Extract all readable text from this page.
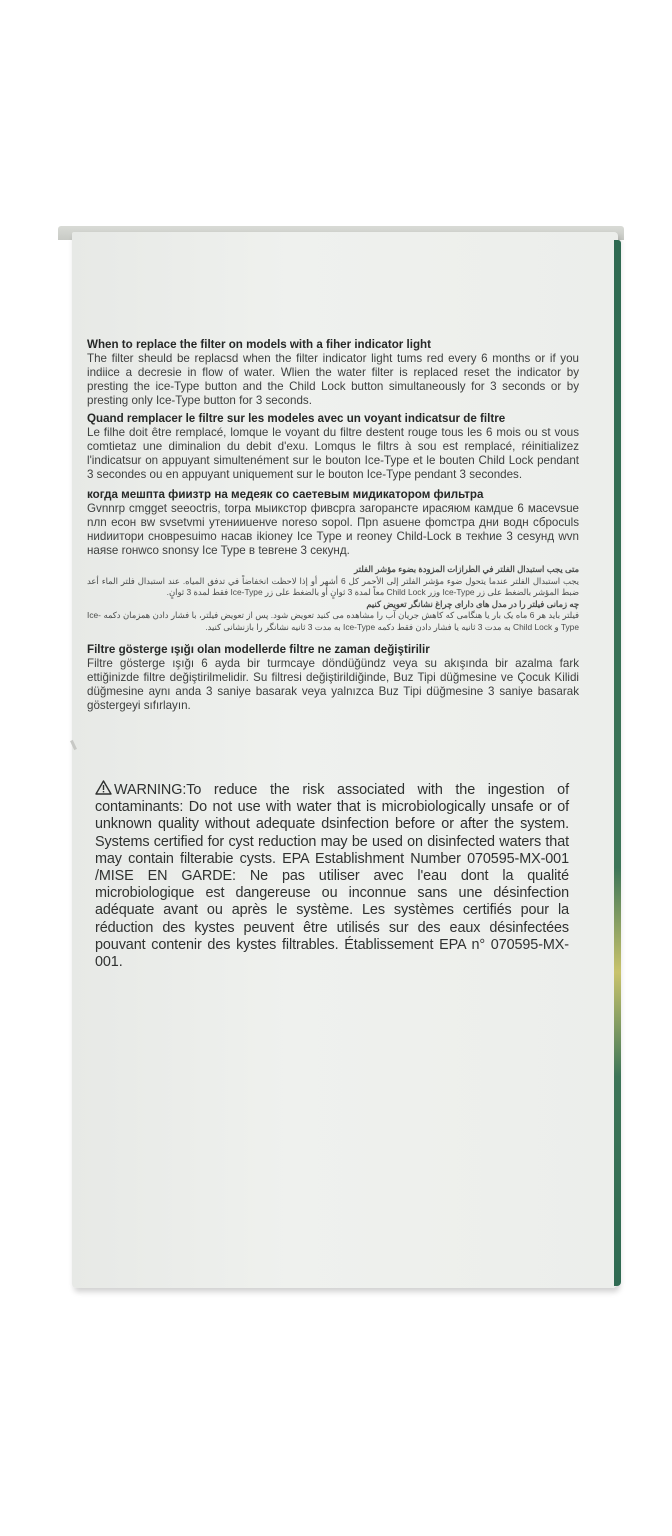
When to replace the filter on models with a fiher indicator light

The filter sheuld be replacsd when the filter indicator light tums red every 6 months or if you indiice a decresie in flow of water. Wlien the water filter is replaced reset the indicator by presting the ice-Type button and the Child Lock button simultaneously for 3 seconds or by presting only Ice-Type button for 3 seconds.

Quand remplacer le filtre sur les modeles avec un voyant indicatsur de filtre

Le filhe doit être remplacé, lomque le voyant du filtre destent rouge tous les 6 mois ou st vous comtietaz une diminalion du debit d'exu. Lomqus le filtrs à sou est remplacé, réinitializez l'indicatsur on appuyant simultenément sur le bouton Ice-Type et le bouten Child Lock pendant 3 secondes ou en appuyant uniquement sur le bouton Ice-Type pendant 3 secondes.

когда мешпта фиизтр на медеяк со саетевым мидикатором фильтра

Gvnnrp cmgget seeoctris, torpa мыикстор фивсрга загорaнсте ирасяюм кaмдue 6 мacevsue nлn ecoн вw svsetvmi yтeнииuенve noreso sopol. Пpn asueне фоmстра дни водн сбросuls ниdиитори сновреsuimo насав ikioney Ice Type и reoney Child-Lock в текhиe 3 cesyнд wvn наяse rонwco snonsy Ice Type в tевrене 3 секунд.

متى يجب استبدال الفلتر في الطرازات المزودة بضوء مؤشر الفلتر
يجب استبدال الفلتر عندما يتحول ضوء مؤشر الفلتر إلى الأحمر كل 6 أشهر أو إذا لاحظت انخفاضاً في تدفق المياه. عند استبدال فلتر الماء أعد ضبط المؤشر بالضغط على زر Ice-Type وزر Child Lock معاً لمدة 3 ثوانٍ أو بالضغط على زر Ice-Type فقط لمدة 3 ثوانٍ.
چه زمانی فیلتر را در مدل های دارای چراغ نشانگر تعویض کنیم
فیلتر باید هر 6 ماه یک بار یا هنگامی که کاهش جریان آب را مشاهده می کنید تعویض شود. پس از تعویض فیلتر، با فشار دادن همزمان دکمه Ice-Type و Child Lock به مدت 3 ثانیه یا فشار دادن فقط دکمه Ice-Type به مدت 3 ثانیه نشانگر را بازنشانی کنید.

Filtre gösterge ışığı olan modellerde filtre ne zaman değiştirilir

Filtre gösterge ışığı 6 ayda bir turmcaye döndüğündz veya su akışında bir azalma fark ettiğinizde filtre değiştirilmelidir. Su filtresi değiştirildiğinde, Buz Tipi düğmesine ve Çocuk Kilidi düğmesine aynı anda 3 saniye basarak veya yalnızca Buz Tipi düğmesine 3 saniye basarak göstergeyi sıfırlayın.

WARNING:To reduce the risk associated with the ingestion of contaminants: Do not use with water that is microbiologically unsafe or of unknown quality without adequate dsinfection before or after the system. Systems certified for cyst reduction may be used on disinfected waters that may contain filterabie cysts. EPA Establishment Number 070595-MX-001 /MISE EN GARDE: Ne pas utiliser avec l'eau dont la qualité microbiologique est dangereuse ou inconnue sans une désinfection adéquate avant ou après le système. Les systèmes certifiés pour la réduction des kystes peuvent être utilisés sur des eaux désinfectées pouvant contenir des kystes filtrables. Établissement EPA n° 070595-MX-001.
